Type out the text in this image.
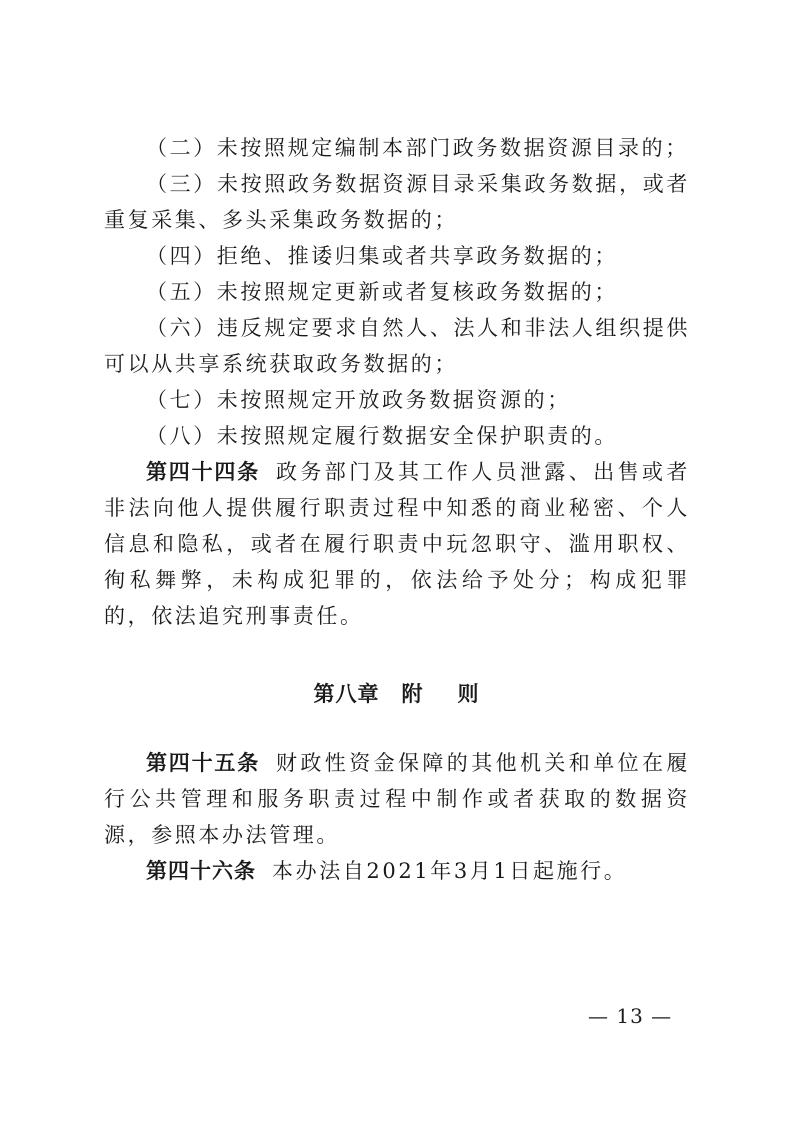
（二）未按照规定编制本部门政务数据资源目录的；

（三）未按照政务数据资源目录采集政务数据，或者重复采集、多头采集政务数据的；

（四）拒绝、推诿归集或者共享政务数据的；

（五）未按照规定更新或者复核政务数据的；

（六）违反规定要求自然人、法人和非法人组织提供可以从共享系统获取政务数据的；

（七）未按照规定开放政务数据资源的；

（八）未按照规定履行数据安全保护职责的。

第四十四条 政务部门及其工作人员泄露、出售或者非法向他人提供履行职责过程中知悉的商业秘密、个人信息和隐私，或者在履行职责中玩忽职守、滥用职权、徇私舞弊，未构成犯罪的，依法给予处分；构成犯罪的，依法追究刑事责任。

第八章 附 则

第四十五条 财政性资金保障的其他机关和单位在履行公共管理和服务职责过程中制作或者获取的数据资源，参照本办法管理。

第四十六条 本办法自2021年3月1日起施行。

— 13 —
